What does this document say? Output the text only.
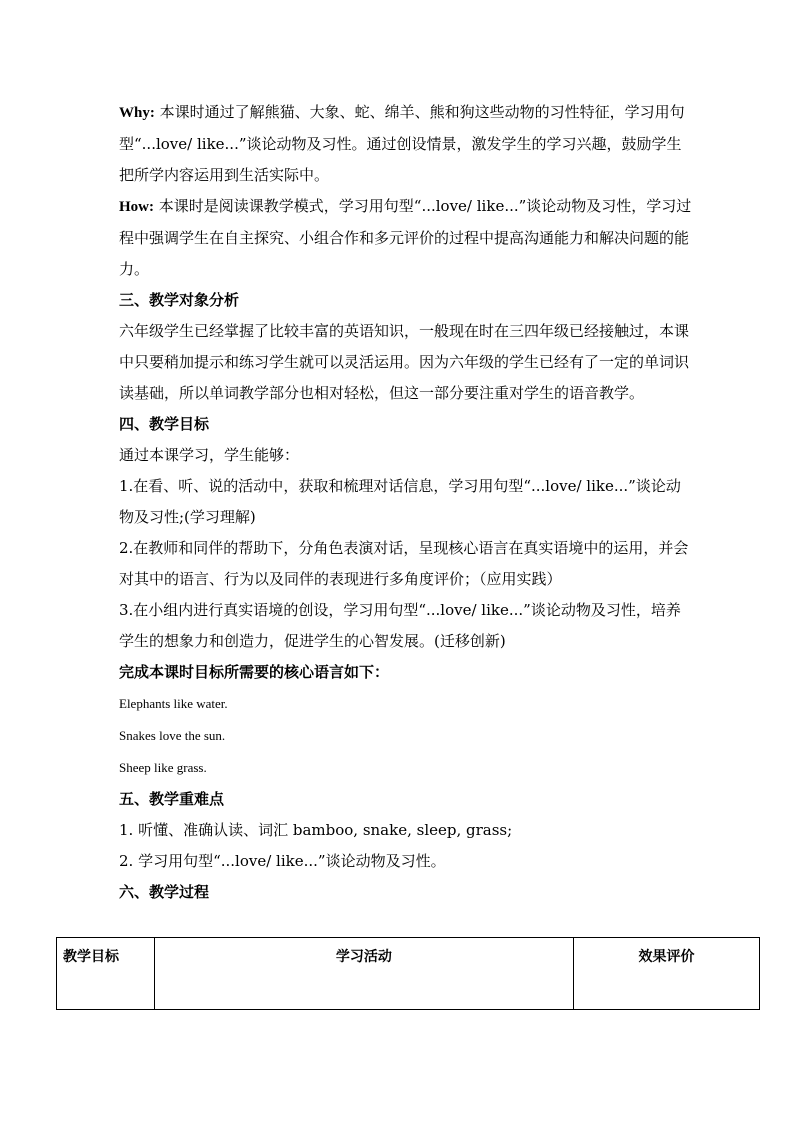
Why: 本课时通过了解熊猫、大象、蛇、绵羊、熊和狗这些动物的习性特征，学习用句型“...love/ like...”谈论动物及习性。通过创设情景，激发学生的学习兴趣，鼓励学生把所学内容运用到生活实际中。

How: 本课时是阅读课教学模式，学习用句型“...love/ like...”谈论动物及习性，学习过程中强调学生在自主探究、小组合作和多元评价的过程中提高沟通能力和解决问题的能力。

三、教学对象分析

六年级学生已经掌握了比较丰富的英语知识，一般现在时在三四年级已经接触过，本课中只要稍加提示和练习学生就可以灵活运用。因为六年级的学生已经有了一定的单词识读基础，所以单词教学部分也相对轻松，但这一部分要注重对学生的语音教学。

四、教学目标

通过本课学习，学生能够：

1.在看、听、说的活动中，获取和梳理对话信息，学习用句型“...love/ like...”谈论动物及习性;(学习理解)

2.在教师和同伴的帮助下，分角色表演对话，呈现核心语言在真实语境中的运用，并会对其中的语言、行为以及同伴的表现进行多角度评价；（应用实践）

3.在小组内进行真实语境的创设，学习用句型“...love/ like...”谈论动物及习性，培养学生的想象力和创造力，促进学生的心智发展。(迁移创新)

完成本课时目标所需要的核心语言如下：

Elephants like water.

Snakes love the sun.

Sheep like grass.

五、教学重难点

1. 听懂、准确认读、词汇 bamboo, snake, sleep, grass;

2. 学习用句型“...love/ like...”谈论动物及习性。

六、教学过程

教学目标	学习活动	效果评价
